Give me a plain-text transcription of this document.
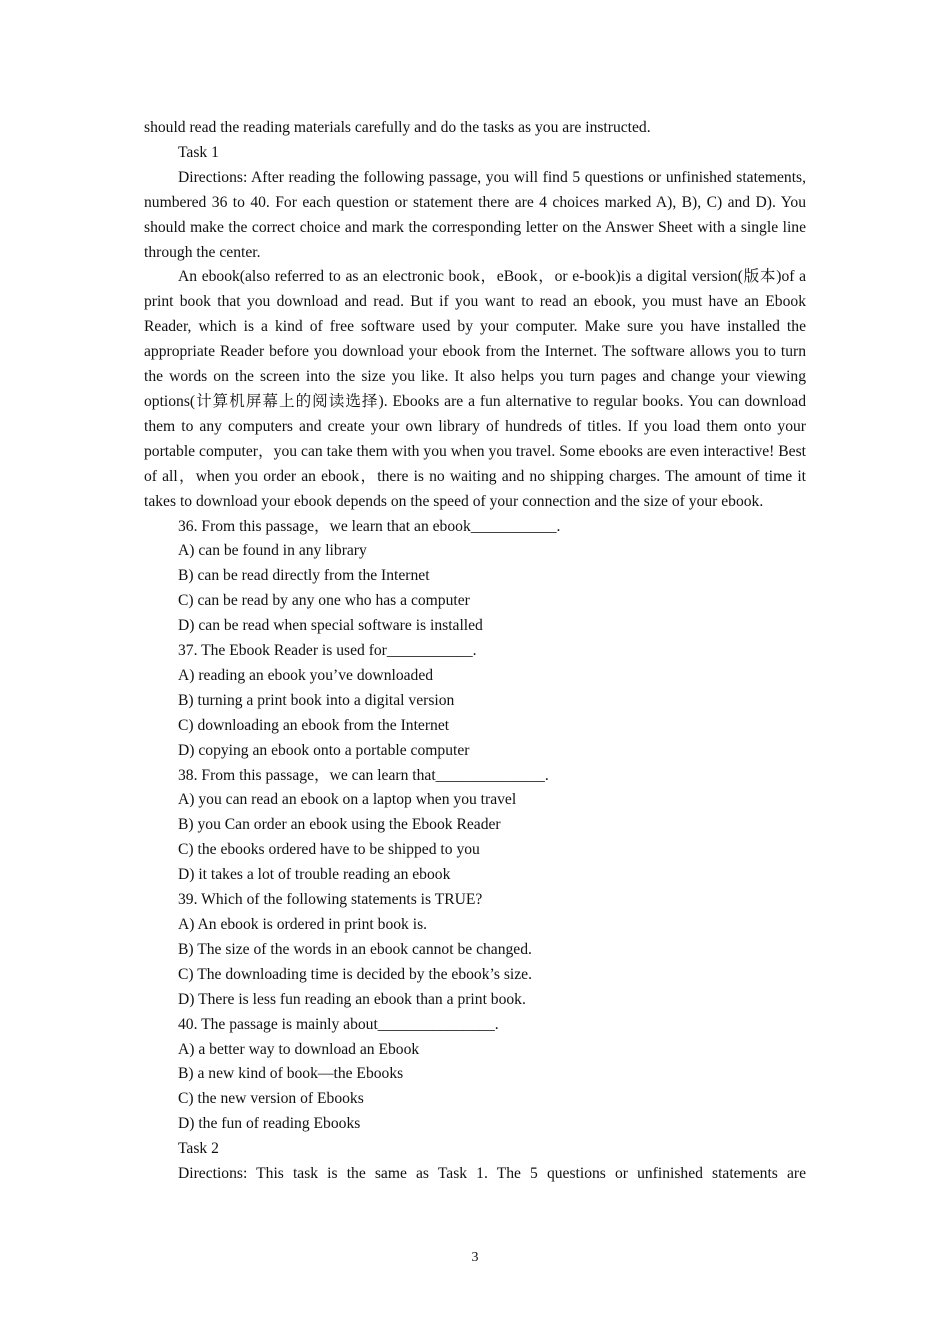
should read the reading materials carefully and do the tasks as you are instructed.

Task 1

Directions: After reading the following passage, you will find 5 questions or unfinished statements, numbered 36 to 40. For each question or statement there are 4 choices marked A), B), C) and D). You should make the correct choice and mark the corresponding letter on the Answer Sheet with a single line through the center.

An ebook(also referred to as an electronic book，eBook，or e-book)is a digital version(版本)of a print book that you download and read. But if you want to read an ebook, you must have an Ebook Reader, which is a kind of free software used by your computer. Make sure you have installed the appropriate Reader before you download your ebook from the Internet. The software allows you to turn the words on the screen into the size you like. It also helps you turn pages and change your viewing options(计算机屏幕上的阅读选择). Ebooks are a fun alternative to regular books. You can download them to any computers and create your own library of hundreds of titles. If you load them onto your portable computer，you can take them with you when you travel. Some ebooks are even interactive! Best of all，when you order an ebook，there is no waiting and no shipping charges. The amount of time it takes to download your ebook depends on the speed of your connection and the size of your ebook.

36. From this passage，we learn that an ebook___________.

A) can be found in any library

B) can be read directly from the Internet

C) can be read by any one who has a computer

D) can be read when special software is installed

37. The Ebook Reader is used for___________.

A) reading an ebook you’ve downloaded

B) turning a print book into a digital version

C) downloading an ebook from the Internet

D) copying an ebook onto a portable computer

38. From this passage，we can learn that______________.

A) you can read an ebook on a laptop when you travel

B) you Can order an ebook using the Ebook Reader

C) the ebooks ordered have to be shipped to you

D) it takes a lot of trouble reading an ebook

39. Which of the following statements is TRUE?

A) An ebook is ordered in print book is.

B) The size of the words in an ebook cannot be changed.

C) The downloading time is decided by the ebook’s size.

D) There is less fun reading an ebook than a print book.

40. The passage is mainly about_______________.

A) a better way to download an Ebook

B) a new kind of book—the Ebooks

C) the new version of Ebooks

D) the fun of reading Ebooks

Task 2

Directions: This task is the same as Task 1. The 5 questions or unfinished statements are

3
